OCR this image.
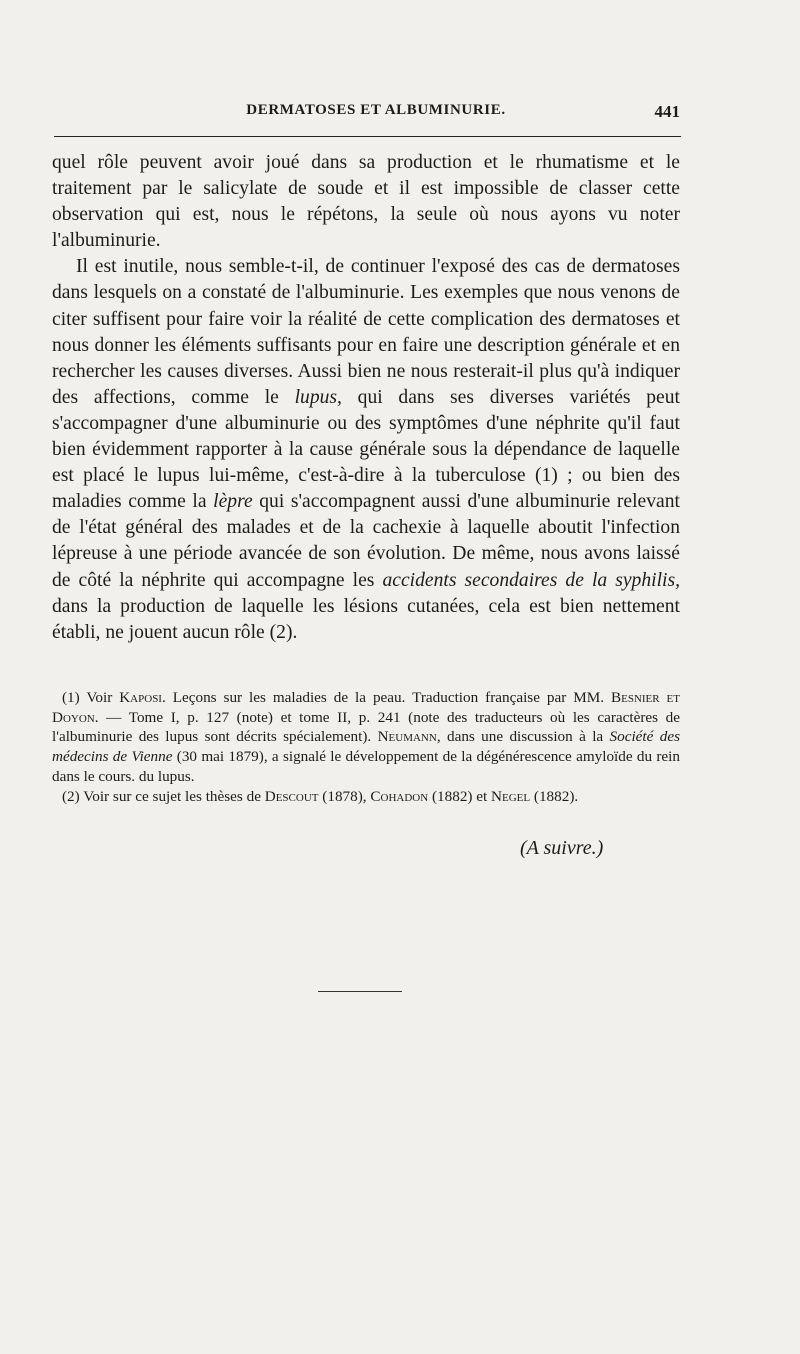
DERMATOSES ET ALBUMINURIE.	441

quel rôle peuvent avoir joué dans sa production et le rhumatisme et le traitement par le salicylate de soude et il est impossible de classer cette observation qui est, nous le répétons, la seule où nous ayons vu noter l'albuminurie.

Il est inutile, nous semble-t-il, de continuer l'exposé des cas de dermatoses dans lesquels on a constaté de l'albuminurie. Les exemples que nous venons de citer suffisent pour faire voir la réalité de cette complication des dermatoses et nous donner les éléments suffisants pour en faire une description générale et en rechercher les causes diverses. Aussi bien ne nous resterait-il plus qu'à indiquer des affections, comme le lupus, qui dans ses diverses variétés peut s'accompagner d'une albuminurie ou des symptômes d'une néphrite qu'il faut bien évidemment rapporter à la cause générale sous la dépendance de laquelle est placé le lupus lui-même, c'est-à-dire à la tuberculose (1) ; ou bien des maladies comme la lèpre qui s'accompagnent aussi d'une albuminurie relevant de l'état général des malades et de la cachexie à laquelle aboutit l'infection lépreuse à une période avancée de son évolution. De même, nous avons laissé de côté la néphrite qui accompagne les accidents secondaires de la syphilis, dans la production de laquelle les lésions cutanées, cela est bien nettement établi, ne jouent aucun rôle (2).

(1) Voir Kaposi. Leçons sur les maladies de la peau. Traduction française par MM. Besnier et Doyon. — Tome I, p. 127 (note) et tome II, p. 241 (note des traducteurs où les caractères de l'albuminurie des lupus sont décrits spécialement). Neumann, dans une discussion à la Société des médecins de Vienne (30 mai 1879), a signalé le développement de la dégénérescence amyloïde du rein dans le cours. du lupus.

(2) Voir sur ce sujet les thèses de Descout (1878), Cohadon (1882) et Negel (1882).

(A suivre.)
